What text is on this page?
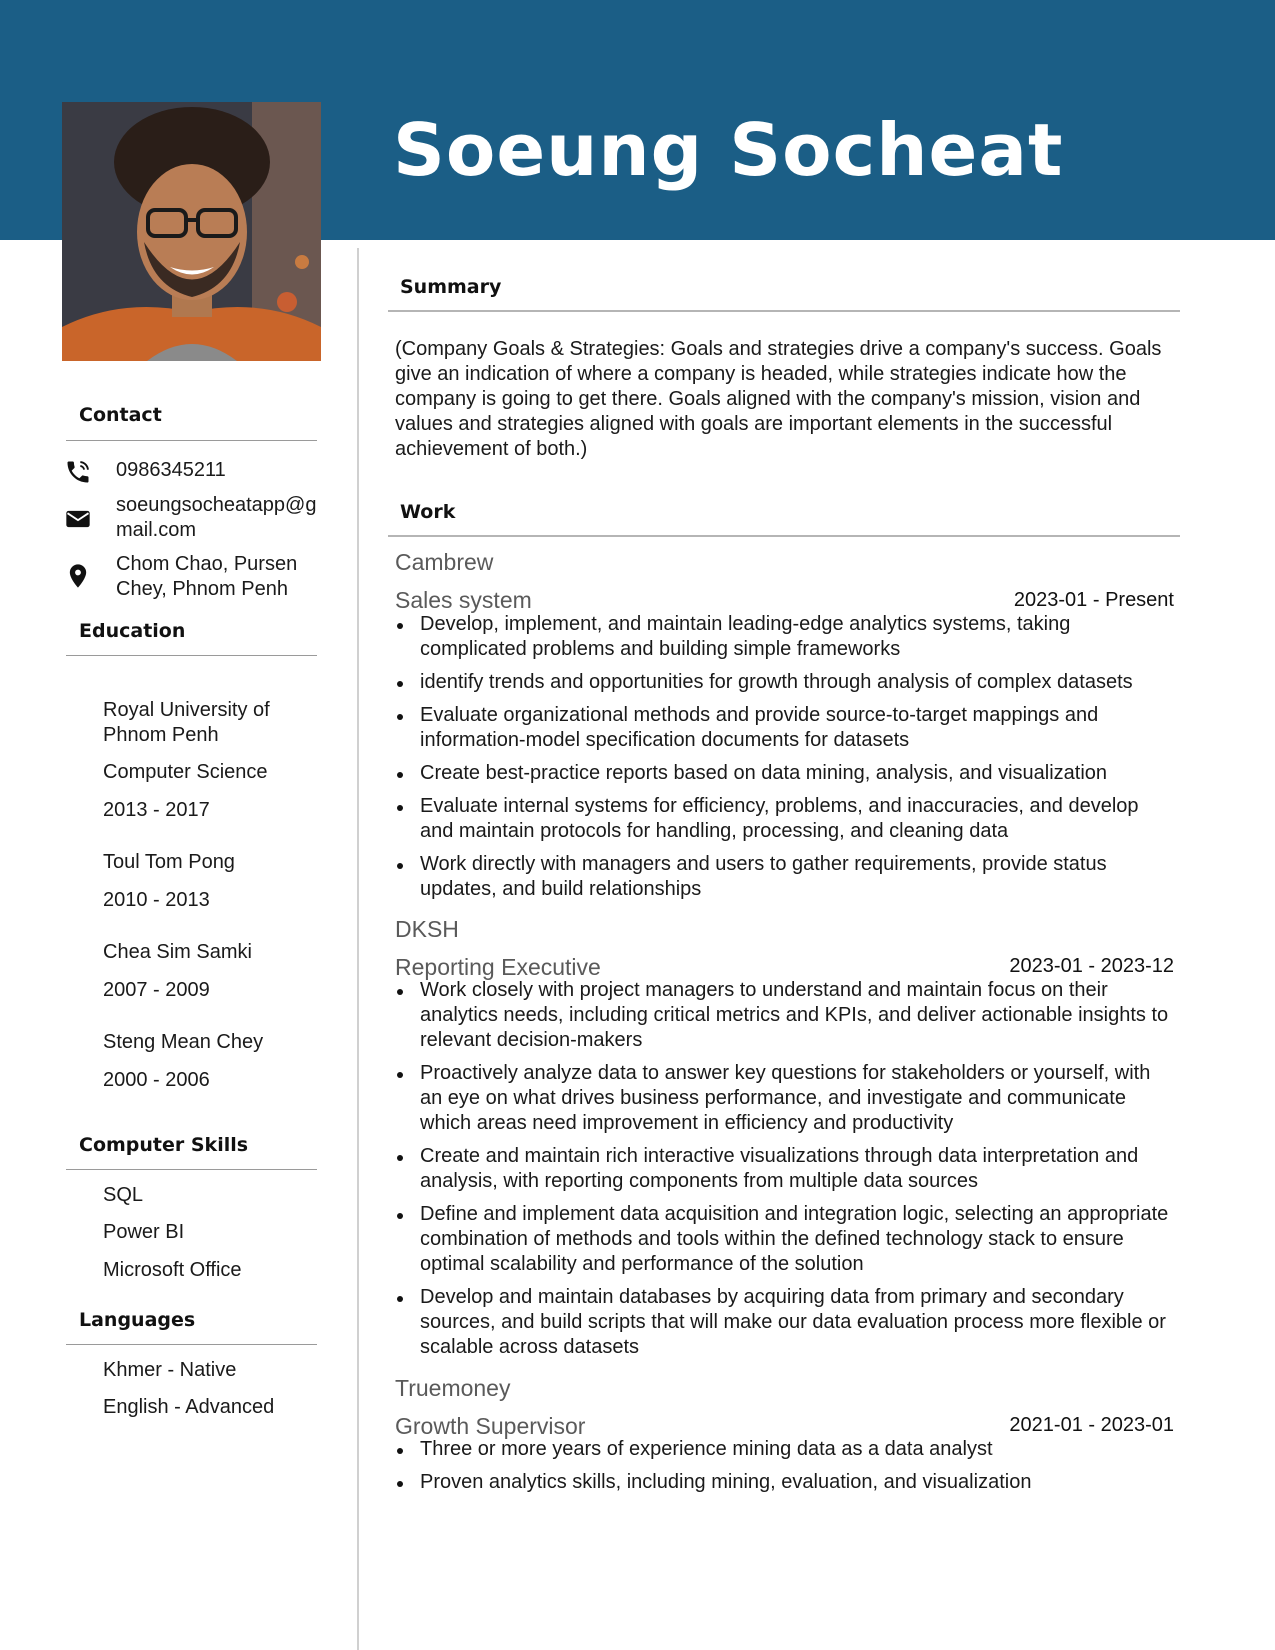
Soeung Socheat
Contact
0986345211
soeungsocheatapp@gmail.com
Chom Chao, Pursen Chey, Phnom Penh
Education
Royal University of Phnom Penh
Computer Science
2013 - 2017
Toul Tom Pong
2010 - 2013
Chea Sim Samki
2007 - 2009
Steng Mean Chey
2000 - 2006
Computer Skills
SQL
Power BI
Microsoft Office
Languages
Khmer - Native
English - Advanced
Summary

(Company Goals & Strategies: Goals and strategies drive a company's success. Goals give an indication of where a company is headed, while strategies indicate how the company is going to get there. Goals aligned with the company's mission, vision and values and strategies aligned with goals are important elements in the successful achievement of both.)

Work
Cambrew
Sales system	2023-01 - Present
Develop, implement, and maintain leading-edge analytics systems, taking complicated problems and building simple frameworks
identify trends and opportunities for growth through analysis of complex datasets
Evaluate organizational methods and provide source-to-target mappings and information-model specification documents for datasets
Create best-practice reports based on data mining, analysis, and visualization
Evaluate internal systems for efficiency, problems, and inaccuracies, and develop and maintain protocols for handling, processing, and cleaning data
Work directly with managers and users to gather requirements, provide status updates, and build relationships
DKSH
Reporting Executive	2023-01 - 2023-12
Work closely with project managers to understand and maintain focus on their analytics needs, including critical metrics and KPIs, and deliver actionable insights to relevant decision-makers
Proactively analyze data to answer key questions for stakeholders or yourself, with an eye on what drives business performance, and investigate and communicate which areas need improvement in efficiency and productivity
Create and maintain rich interactive visualizations through data interpretation and analysis, with reporting components from multiple data sources
Define and implement data acquisition and integration logic, selecting an appropriate combination of methods and tools within the defined technology stack to ensure optimal scalability and performance of the solution
Develop and maintain databases by acquiring data from primary and secondary sources, and build scripts that will make our data evaluation process more flexible or scalable across datasets
Truemoney
Growth Supervisor	2021-01 - 2023-01
Three or more years of experience mining data as a data analyst
Proven analytics skills, including mining, evaluation, and visualization
